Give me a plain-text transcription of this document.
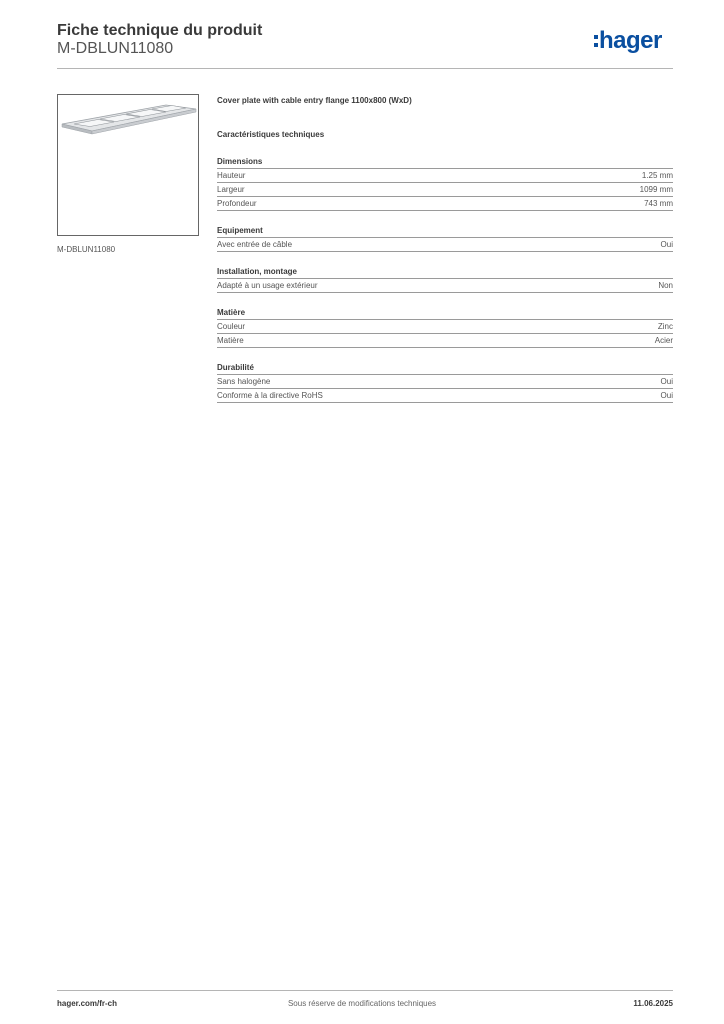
Fiche technique du produit
M-DBLUN11080	hager
M-DBLUN11080
Cover plate with cable entry flange 1100x800 (WxD)
Caractéristiques techniques
Dimensions
Hauteur	1.25 mm
Largeur	1099 mm
Profondeur	743 mm
Equipement
Avec entrée de câble	Oui
Installation, montage
Adapté à un usage extérieur	Non
Matière
Couleur	Zinc
Matière	Acier
Durabilité
Sans halogène	Oui
Conforme à la directive RoHS	Oui
hager.com/fr-ch	Sous réserve de modifications techniques	11.06.2025
